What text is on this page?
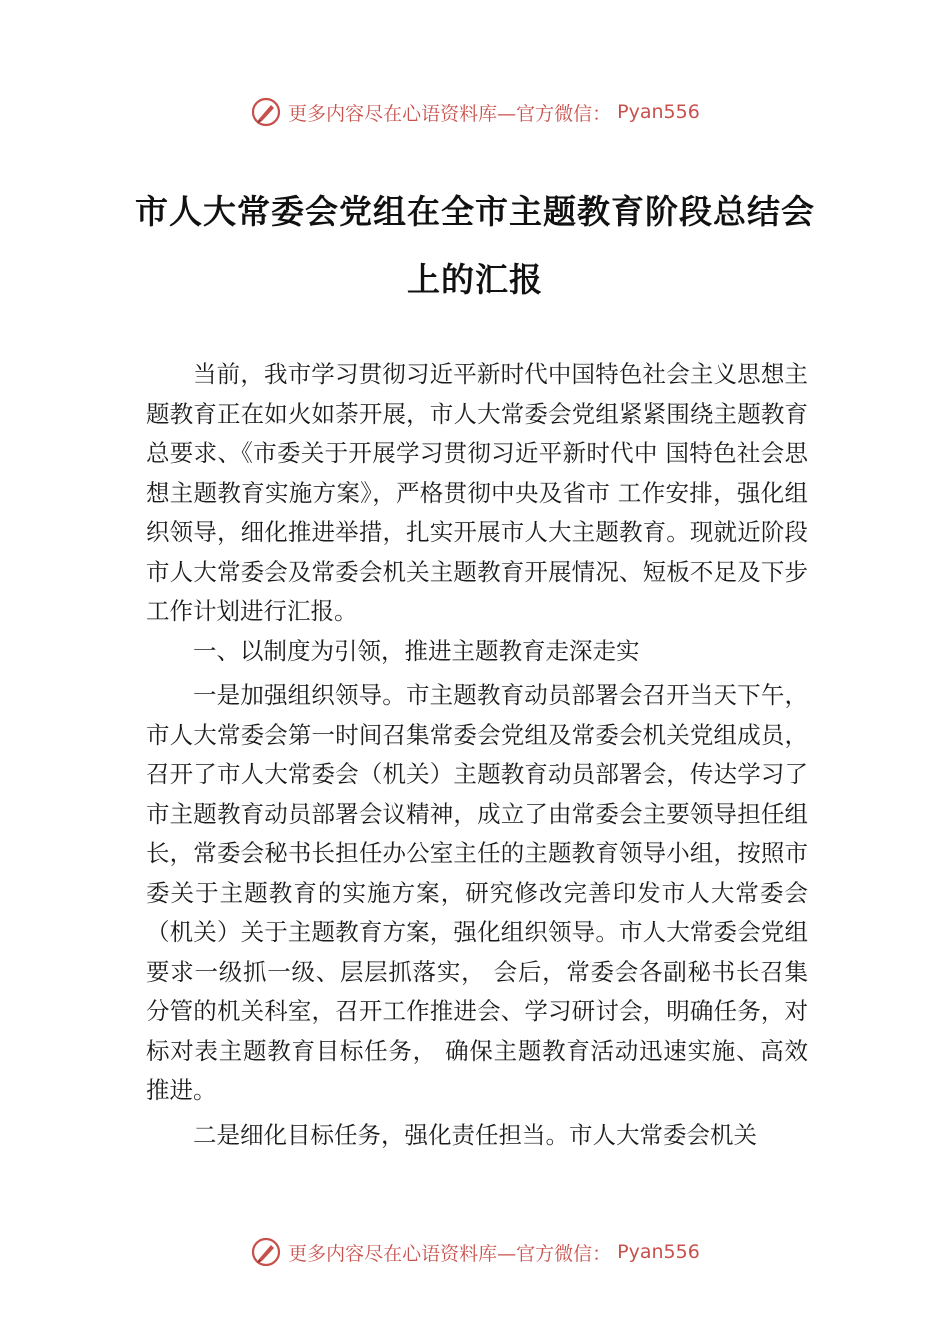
更多内容尽在心语资料库—官方微信： Pyan556
市人大常委会党组在全市主题教育阶段总结会上的汇报

当前，我市学习贯彻习近平新时代中国特色社会主义思想主题教育正在如火如荼开展，市人大常委会党组紧紧围绕主题教育总要求、《市委关于开展学习贯彻习近平新时代中 国特色社会思想主题教育实施方案》，严格贯彻中央及省市 工作安排，强化组织领导，细化推进举措，扎实开展市人大主题教育。现就近阶段市人大常委会及常委会机关主题教育开展情况、短板不足及下步工作计划进行汇报。

一、以制度为引领，推进主题教育走深走实

一是加强组织领导。市主题教育动员部署会召开当天下午，市人大常委会第一时间召集常委会党组及常委会机关党组成员，召开了市人大常委会（机关）主题教育动员部署会，传达学习了市主题教育动员部署会议精神，成立了由常委会主要领导担任组长，常委会秘书长担任办公室主任的主题教育领导小组，按照市委关于主题教育的实施方案，研究修改完善印发市人大常委会（机关）关于主题教育方案，强化组织领导。市人大常委会党组要求一级抓一级、层层抓落实， 会后，常委会各副秘书长召集分管的机关科室，召开工作推进会、学习研讨会，明确任务，对标对表主题教育目标任务， 确保主题教育活动迅速实施、高效推进。

二是细化目标任务，强化责任担当。市人大常委会机关

更多内容尽在心语资料库—官方微信： Pyan556
